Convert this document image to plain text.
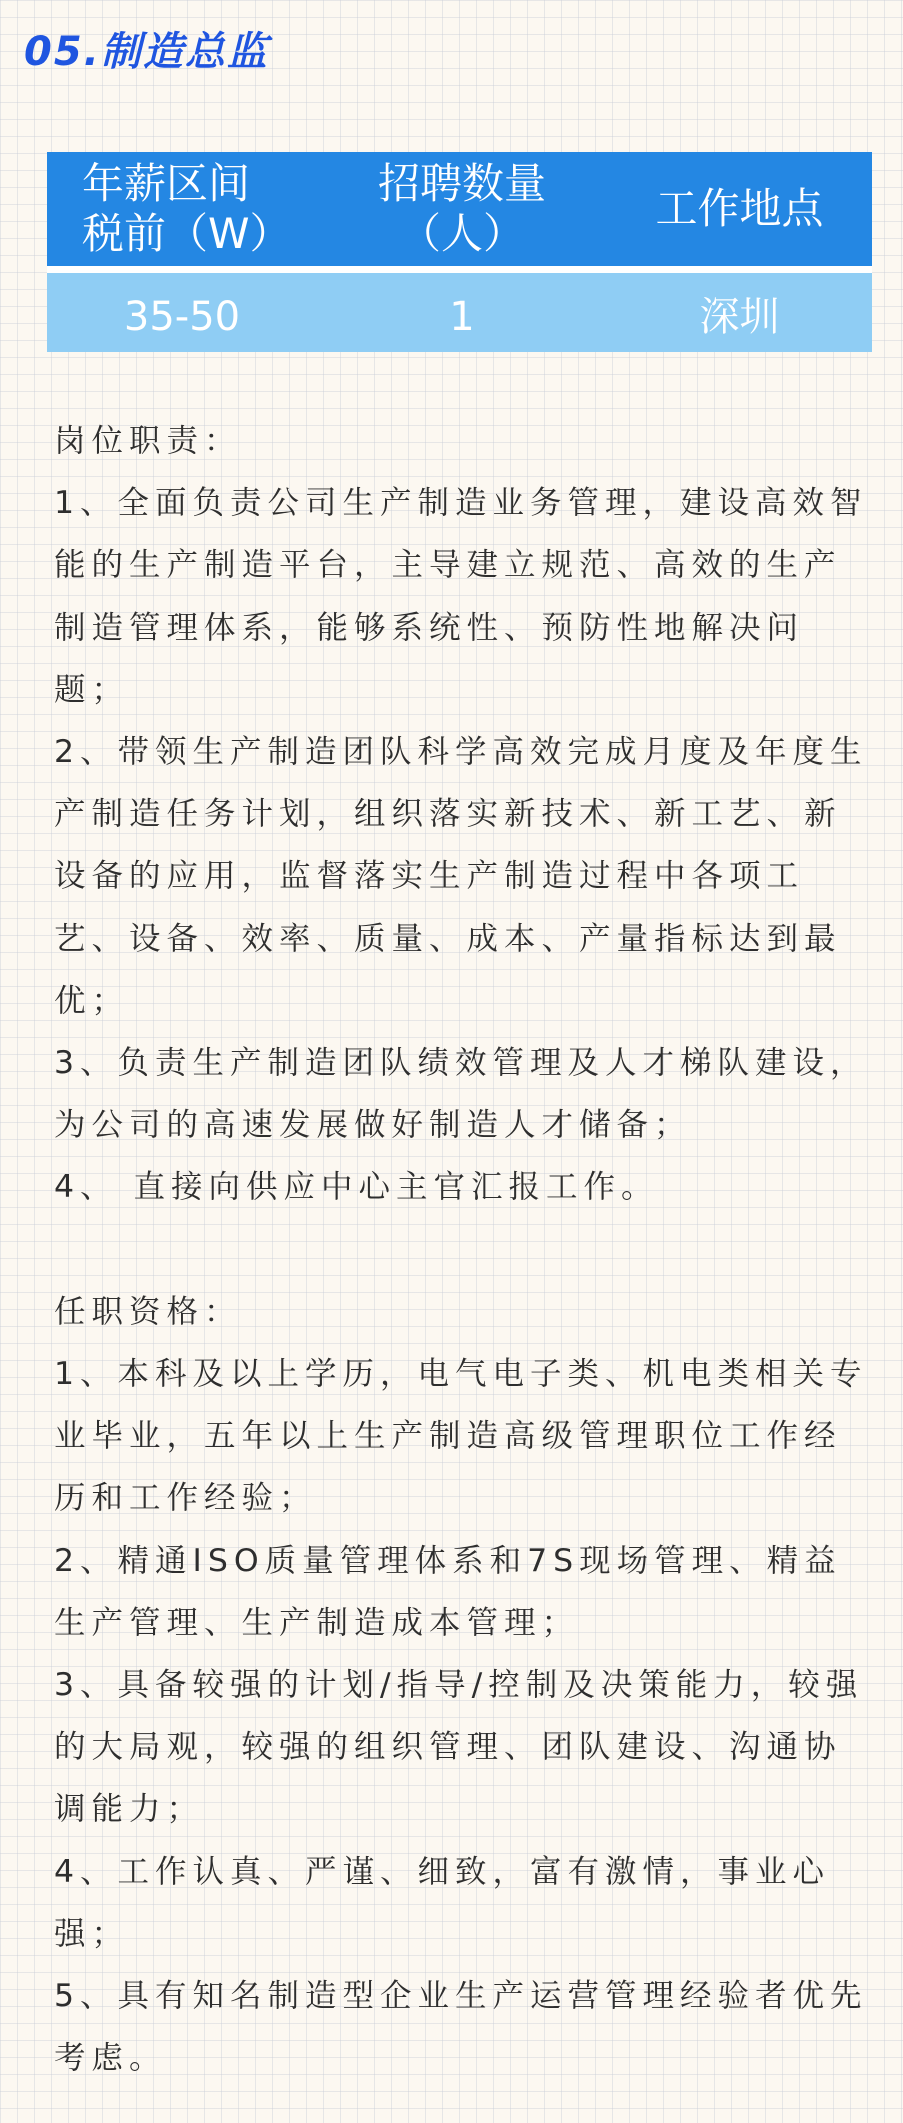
05.制造总监
年薪区间
税前（W）
招聘数量
（人）
工作地点
35-50	1	深圳

岗位职责：

1、全面负责公司生产制造业务管理，建设高效智能的生产制造平台，主导建立规范、高效的生产制造管理体系，能够系统性、预防性地解决问题；

2、带领生产制造团队科学高效完成月度及年度生产制造任务计划，组织落实新技术、新工艺、新设备的应用，监督落实生产制造过程中各项工艺、设备、效率、质量、成本、产量指标达到最优；

3、负责生产制造团队绩效管理及人才梯队建设，为公司的高速发展做好制造人才储备；

4、 直接向供应中心主官汇报工作。

任职资格：

1、本科及以上学历，电气电子类、机电类相关专业毕业，五年以上生产制造高级管理职位工作经历和工作经验；

2、精通ISO质量管理体系和7S现场管理、精益生产管理、生产制造成本管理；

3、具备较强的计划/指导/控制及决策能力，较强的大局观，较强的组织管理、团队建设、沟通协调能力；

4、工作认真、严谨、细致，富有激情，事业心强；

5、具有知名制造型企业生产运营管理经验者优先考虑。
